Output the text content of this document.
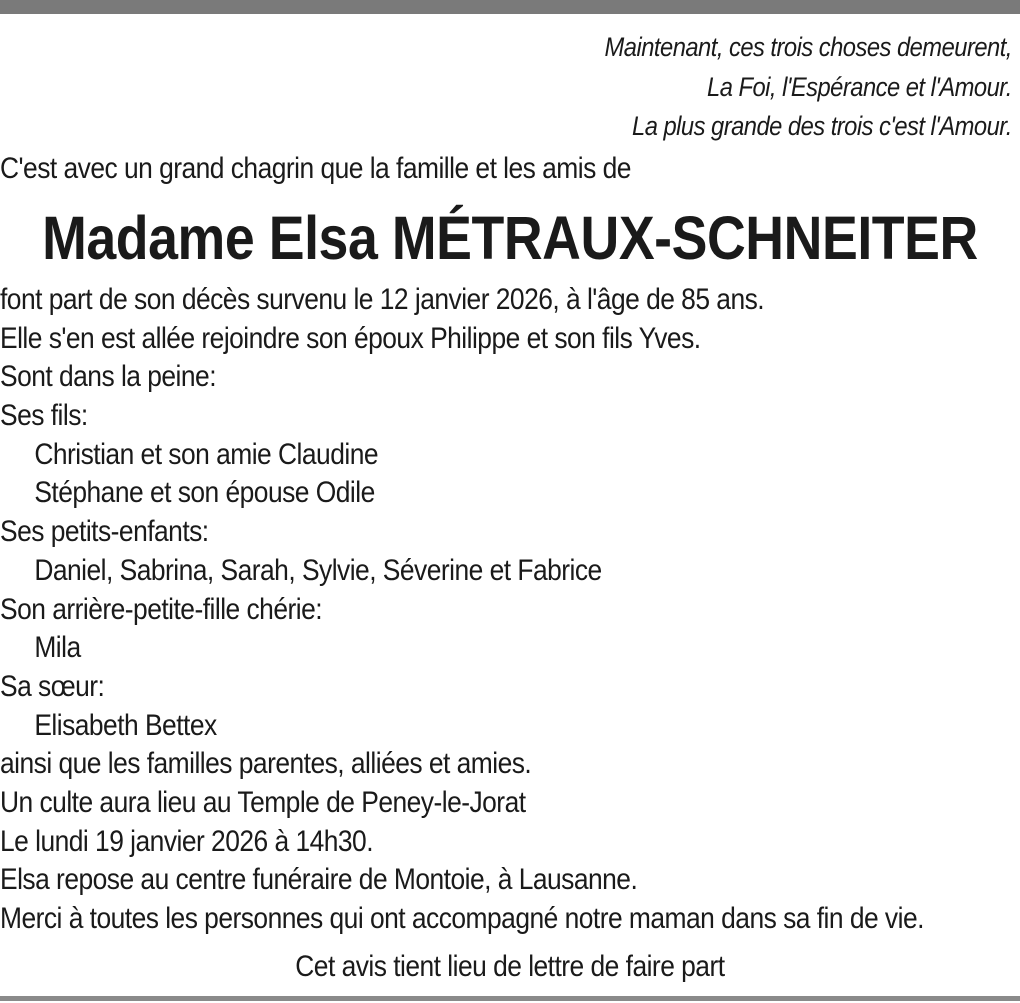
Maintenant, ces trois choses demeurent,
La Foi, l'Espérance et l'Amour.
La plus grande des trois c'est l'Amour.
C'est avec un grand chagrin que la famille et les amis de
Madame Elsa MÉTRAUX-SCHNEITER
font part de son décès survenu le 12 janvier 2026, à l'âge de 85 ans.
Elle s'en est allée rejoindre son époux Philippe et son fils Yves.
Sont dans la peine:
Ses fils:
Christian et son amie Claudine
Stéphane et son épouse Odile
Ses petits-enfants:
Daniel, Sabrina, Sarah, Sylvie, Séverine et Fabrice
Son arrière-petite-fille chérie:
Mila
Sa sœur:
Elisabeth Bettex
ainsi que les familles parentes, alliées et amies.
Un culte aura lieu au Temple de Peney-le-Jorat
Le lundi 19 janvier 2026 à 14h30.
Elsa repose au centre funéraire de Montoie, à Lausanne.
Merci à toutes les personnes qui ont accompagné notre maman dans sa fin de vie.
Cet avis tient lieu de lettre de faire part
